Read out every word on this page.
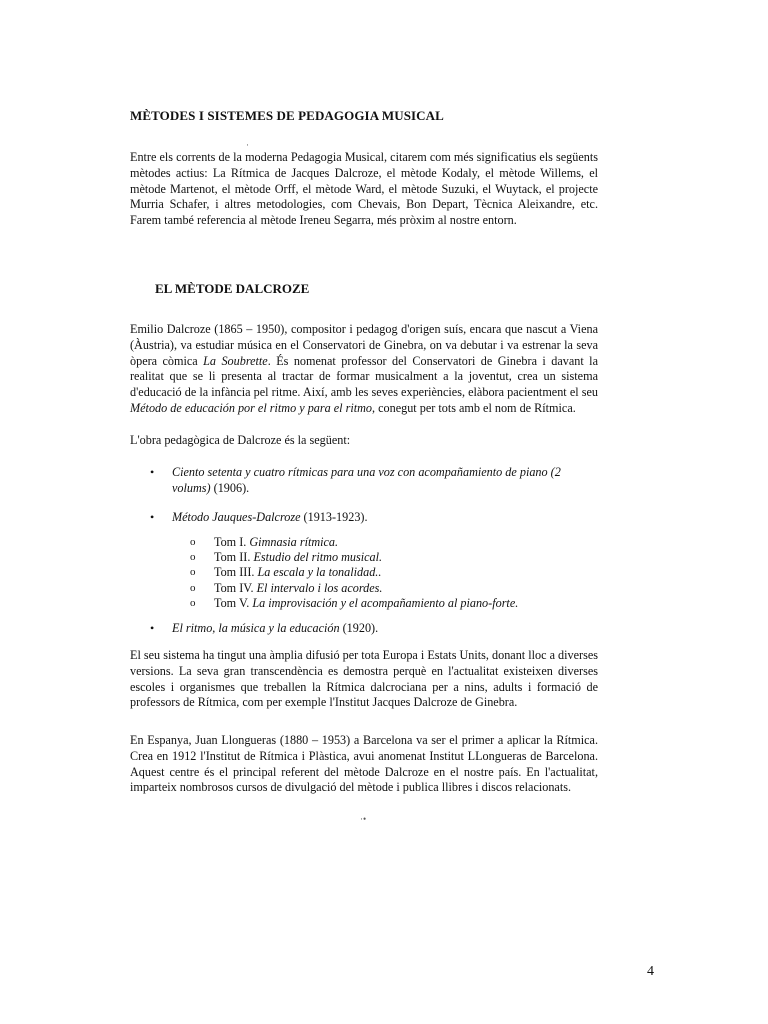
MÈTODES I SISTEMES DE PEDAGOGIA MUSICAL

Entre els corrents de la moderna Pedagogia Musical, citarem com més significatius els següents mètodes actius: La Rítmica de Jacques Dalcroze, el mètode Kodaly, el mètode Willems, el mètode Martenot, el mètode Orff, el mètode Ward, el mètode Suzuki, el Wuytack, el projecte Murria Schafer, i altres metodologies, com Chevais, Bon Depart, Tècnica Aleixandre, etc. Farem també referencia al mètode Ireneu Segarra, més pròxim al nostre entorn.

EL MÈTODE DALCROZE

Emilio Dalcroze (1865 – 1950), compositor i pedagog d'origen suís, encara que nascut a Viena (Àustria), va estudiar música en el Conservatori de Ginebra, on va debutar i va estrenar la seva òpera còmica La Soubrette. És nomenat professor del Conservatori de Ginebra i davant la realitat que se li presenta al tractar de formar musicalment a la joventut, crea un sistema d'educació de la infància pel ritme. Així, amb les seves experiències, elàbora pacientment el seu Método de educación por el ritmo y para el ritmo, conegut per tots amb el nom de Rítmica.

L'obra pedagògica de Dalcroze és la següent:

• Ciento setenta y cuatro rítmicas para una voz con acompañamiento de piano (2 volums) (1906).
• Método Jauques-Dalcroze (1913-1923).
o Tom I. Gimnasia rítmica.
o Tom II. Estudio del ritmo musical.
o Tom III. La escala y la tonalidad..
o Tom IV. El intervalo i los acordes.
o Tom V. La improvisación y el acompañamiento al piano-forte.
• El ritmo, la música y la educación (1920).

El seu sistema ha tingut una àmplia difusió per tota Europa i Estats Units, donant lloc a diverses versions. La seva gran transcendència es demostra perquè en l'actualitat existeixen diverses escoles i organismes que treballen la Rítmica dalcrociana per a nins, adults i formació de professors de Rítmica, com per exemple l'Institut Jacques Dalcroze de Ginebra.

En Espanya, Juan Llongueras (1880 – 1953) a Barcelona va ser el primer a aplicar la Rítmica. Crea en 1912 l'Institut de Rítmica i Plàstica, avui anomenat Institut LLongueras de Barcelona. Aquest centre és el principal referent del mètode Dalcroze en el nostre país. En l'actualitat, imparteix nombrosos cursos de divulgació del mètode i publica llibres i discos relacionats.

·•
·
4
